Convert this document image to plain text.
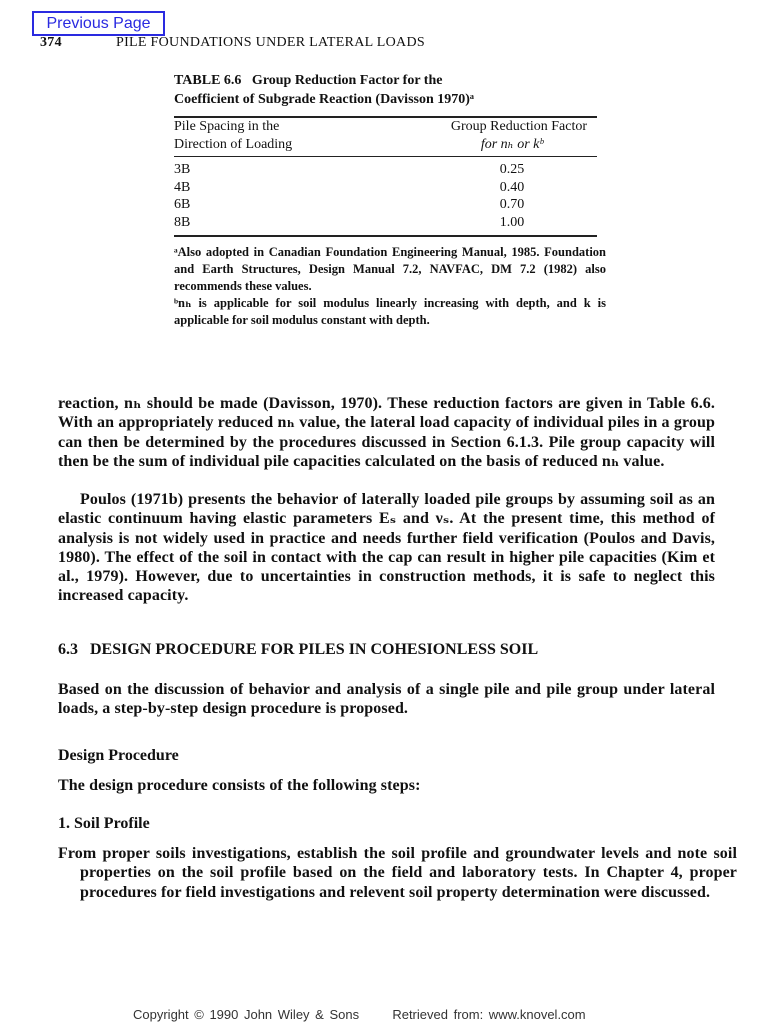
Previous Page
374	PILE FOUNDATIONS UNDER LATERAL LOADS
TABLE 6.6   Group Reduction Factor for the
Coefficient of Subgrade Reaction (Davisson 1970)ᵃ
Pile Spacing in the	Group Reduction Factor
Direction of Loading	for nₕ or kᵇ
3B	0.25
4B	0.40
6B	0.70
8B	1.00
ᵃAlso adopted in Canadian Foundation Engineering Manual, 1985. Foundation and Earth Structures, Design Manual 7.2, NAVFAC, DM 7.2 (1982) also recommends these values.
ᵇnₕ is applicable for soil modulus linearly increasing with depth, and k is applicable for soil modulus constant with depth.
reaction, nₕ should be made (Davisson, 1970). These reduction factors are given in Table 6.6. With an appropriately reduced nₕ value, the lateral load capacity of individual piles in a group can then be determined by the procedures discussed in Section 6.1.3. Pile group capacity will then be the sum of individual pile capacities calculated on the basis of reduced nₕ value.
Poulos (1971b) presents the behavior of laterally loaded pile groups by assuming soil as an elastic continuum having elastic parameters Eₛ and νₛ. At the present time, this method of analysis is not widely used in practice and needs further field verification (Poulos and Davis, 1980). The effect of the soil in contact with the cap can result in higher pile capacities (Kim et al., 1979). However, due to uncertainties in construction methods, it is safe to neglect this increased capacity.
6.3   DESIGN PROCEDURE FOR PILES IN COHESIONLESS SOIL
Based on the discussion of behavior and analysis of a single pile and pile group under lateral loads, a step-by-step design procedure is proposed.
Design Procedure
The design procedure consists of the following steps:
1. Soil Profile
From proper soils investigations, establish the soil profile and groundwater levels and note soil properties on the soil profile based on the field and laboratory tests. In Chapter 4, proper procedures for field investigations and relevent soil property determination were discussed.
Copyright © 1990 John Wiley & Sons	Retrieved from: www.knovel.com
